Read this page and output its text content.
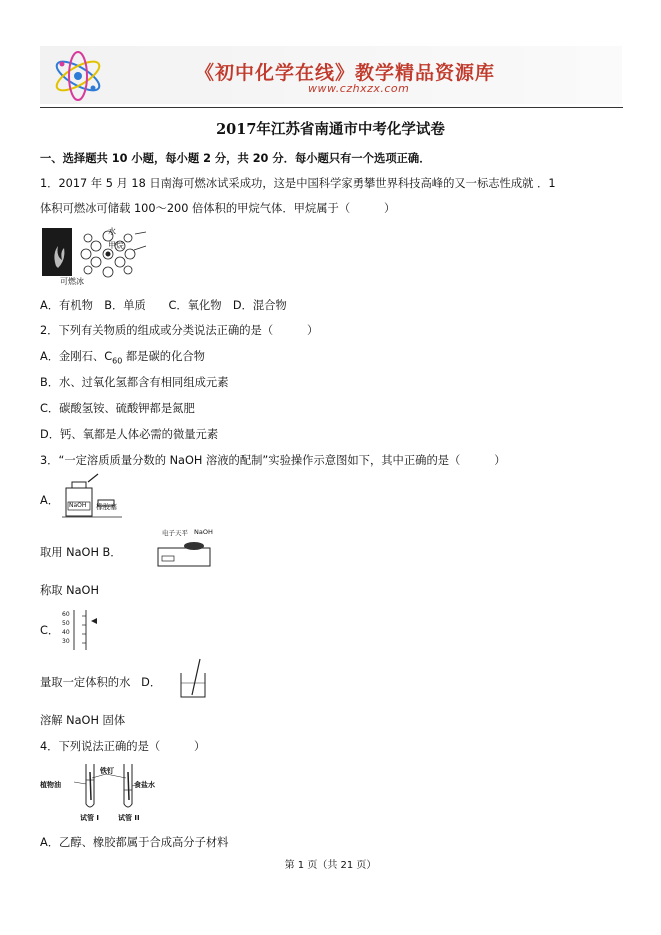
《初中化学在线》教学精品资源库
www.czhxzx.com
2017年江苏省南通市中考化学试卷
一、选择题共 10 小题，每小题 2 分，共 20 分．每小题只有一个选项正确．
1．2017 年 5 月 18 日南海可燃冰试采成功，这是中国科学家勇攀世界科技高峰的又一标志性成就 ．1
体积可燃冰可储载 100～200 倍体积的甲烷气体．甲烷属于（　　　）
水
甲烷
可燃冰
A．有机物　B．单质　　C．氧化物　D．混合物
2．下列有关物质的组成或分类说法正确的是（　　　）
A．金刚石、$C_{60}$ 都是碳的化合物
B．水、过氧化氢都含有相同组成元素
C．碳酸氢铵、硫酸钾都是氮肥
D．钙、氧都是人体必需的微量元素
3．“一定溶质质量分数的 NaOH 溶液的配制”实验操作示意图如下，其中正确的是（　　　）
A． NaOH 橡胶塞
取用 NaOH B．
电子天平 NaOH
称取 NaOH
C．
60
50
40
30
量取一定体积的水 D．
溶解 NaOH 固体
4．下列说法正确的是（　　　）
植物油
铁钉
食盐水
试管 I	试管 II
A．乙醇、橡胶都属于合成高分子材料
第 1 页（共 21 页）
